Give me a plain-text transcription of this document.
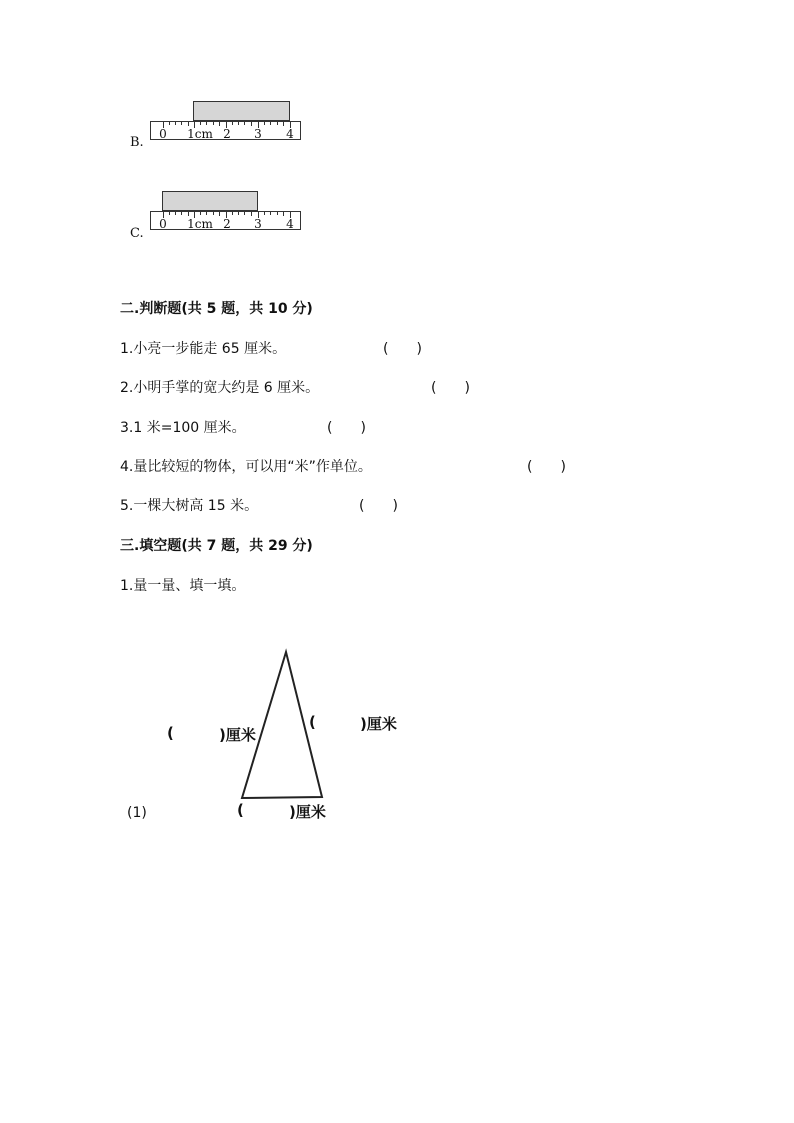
B.
0 1cm 2 3 4
C.
0 1cm 2 3 4
二.判断题(共 5 题，共 10 分)
1.小亮一步能走 65 厘米。	(　　)
2.小明手掌的宽大约是 6 厘米。	(　　)
3.1 米=100 厘米。	(　　)
4.量比较短的物体，可以用“米”作单位。	(　　)
5.一棵大树高 15 米。	(　　)
三.填空题(共 7 题，共 29 分)
1.量一量、填一填。
(1)
(	)厘米
(	)厘米
(	)厘米
